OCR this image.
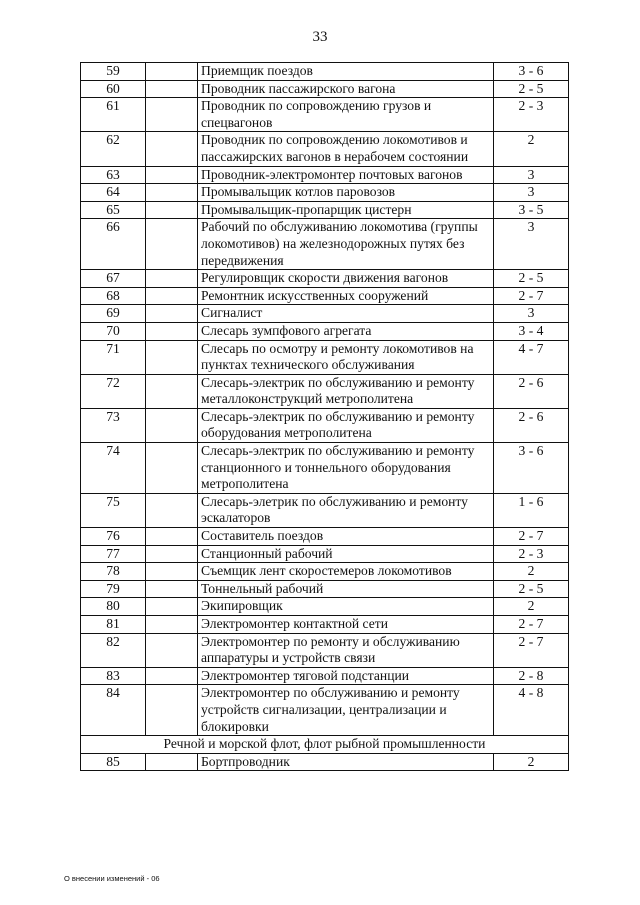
33
59		Приемщик поездов	3 - 6
60		Проводник пассажирского вагона	2 - 5
61		Проводник по сопровождению грузов и спецвагонов	2 - 3
62		Проводник по сопровождению локомотивов и пассажирских вагонов в нерабочем состоянии	2
63		Проводник-электромонтер почтовых вагонов	3
64		Промывальщик котлов паровозов	3
65		Промывальщик-пропарщик цистерн	3 - 5
66		Рабочий по обслуживанию локомотива (группы локомотивов) на железнодорожных путях без передвижения	3
67		Регулировщик скорости движения вагонов	2 - 5
68		Ремонтник искусственных сооружений	2 - 7
69		Сигналист	3
70		Слесарь зумпфового агрегата	3 - 4
71		Слесарь по осмотру и ремонту локомотивов на пунктах технического обслуживания	4 - 7
72		Слесарь-электрик по обслуживанию и ремонту металлоконструкций метрополитена	2 - 6
73		Слесарь-электрик по обслуживанию и ремонту оборудования метрополитена	2 - 6
74		Слесарь-электрик по обслуживанию и ремонту станционного и тоннельного оборудования метрополитена	3 - 6
75		Слесарь-элетрик по обслуживанию и ремонту эскалаторов	1 - 6
76		Составитель поездов	2 - 7
77		Станционный рабочий	2 - 3
78		Съемщик лент скоростемеров локомотивов	2
79		Тоннельный рабочий	2 - 5
80		Экипировщик	2
81		Электромонтер контактной сети	2 - 7
82		Электромонтер по ремонту и обслуживанию аппаратуры и устройств связи	2 - 7
83		Электромонтер тяговой подстанции	2 - 8
84		Электромонтер по обслуживанию и ремонту устройств сигнализации, централизации и блокировки	4 - 8
Речной и морской флот, флот рыбной промышленности			
85		Бортпроводник	2
О внесении изменений - 06
